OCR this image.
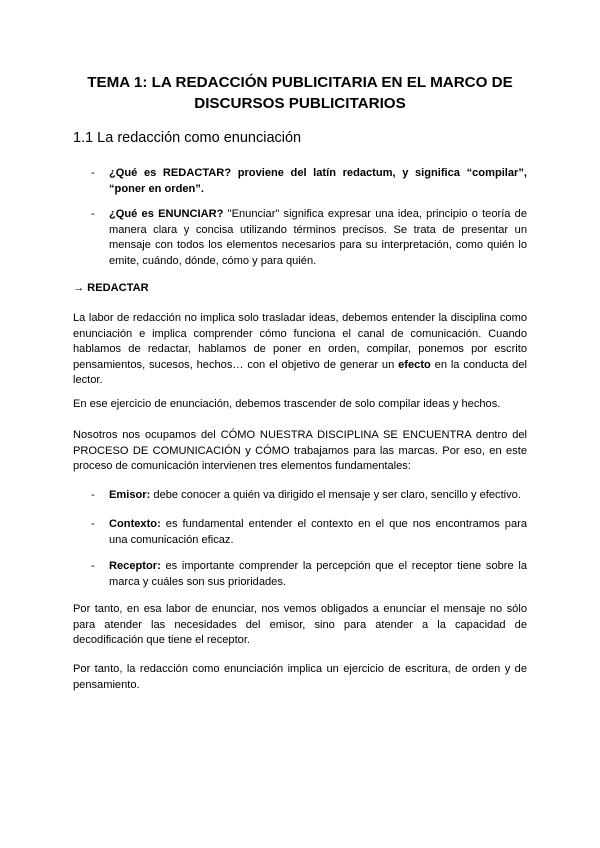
TEMA 1: LA REDACCIÓN PUBLICITARIA EN EL MARCO DE
DISCURSOS PUBLICITARIOS
1.1 La redacción como enunciación
- ¿Qué es REDACTAR? proviene del latín redactum, y significa “compilar”, “poner en orden”.
- ¿Qué es ENUNCIAR? "Enunciar" significa expresar una idea, principio o teoría de manera clara y concisa utilizando términos precisos. Se trata de presentar un mensaje con todos los elementos necesarios para su interpretación, como quién lo emite, cuándo, dónde, cómo y para quién.
→ REDACTAR

La labor de redacción no implica solo trasladar ideas, debemos entender la disciplina como enunciación e implica comprender cómo funciona el canal de comunicación. Cuando hablamos de redactar, hablamos de poner en orden, compilar, ponemos por escrito pensamientos, sucesos, hechos… con el objetivo de generar un efecto en la conducta del lector.

En ese ejercicio de enunciación, debemos trascender de solo compilar ideas y hechos.

Nosotros nos ocupamos del CÓMO NUESTRA DISCIPLINA SE ENCUENTRA dentro del PROCESO DE COMUNICACIÓN y CÓMO trabajamos para las marcas. Por eso, en este proceso de comunicación intervienen tres elementos fundamentales:

- Emisor: debe conocer a quién va dirigido el mensaje y ser claro, sencillo y efectivo.
- Contexto: es fundamental entender el contexto en el que nos encontramos para una comunicación eficaz.
- Receptor: es importante comprender la percepción que el receptor tiene sobre la marca y cuáles son sus prioridades.

Por tanto, en esa labor de enunciar, nos vemos obligados a enunciar el mensaje no sólo para atender las necesidades del emisor, sino para atender a la capacidad de decodificación que tiene el receptor.

Por tanto, la redacción como enunciación implica un ejercicio de escritura, de orden y de pensamiento.
